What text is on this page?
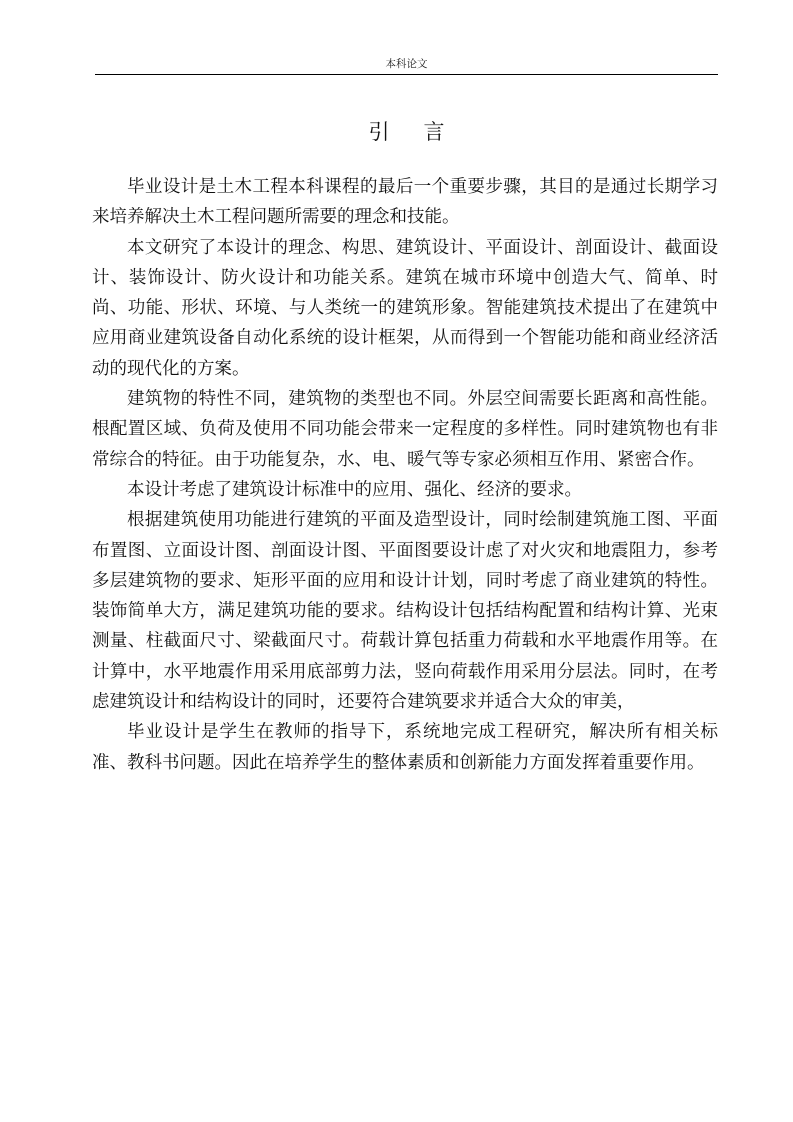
本科论文
引言

毕业设计是土木工程本科课程的最后一个重要步骤，其目的是通过长期学习来培养解决土木工程问题所需要的理念和技能。

本文研究了本设计的理念、构思、建筑设计、平面设计、剖面设计、截面设计、装饰设计、防火设计和功能关系。建筑在城市环境中创造大气、简单、时尚、功能、形状、环境、与人类统一的建筑形象。智能建筑技术提出了在建筑中应用商业建筑设备自动化系统的设计框架，从而得到一个智能功能和商业经济活动的现代化的方案。

建筑物的特性不同，建筑物的类型也不同。外层空间需要长距离和高性能。根配置区域、负荷及使用不同功能会带来一定程度的多样性。同时建筑物也有非常综合的特征。由于功能复杂，水、电、暖气等专家必须相互作用、紧密合作。

本设计考虑了建筑设计标准中的应用、强化、经济的要求。

根据建筑使用功能进行建筑的平面及造型设计，同时绘制建筑施工图、平面布置图、立面设计图、剖面设计图、平面图要设计虑了对火灾和地震阻力，参考多层建筑物的要求、矩形平面的应用和设计计划，同时考虑了商业建筑的特性。装饰简单大方，满足建筑功能的要求。结构设计包括结构配置和结构计算、光束测量、柱截面尺寸、梁截面尺寸。荷载计算包括重力荷载和水平地震作用等。在计算中，水平地震作用采用底部剪力法，竖向荷载作用采用分层法。同时，在考虑建筑设计和结构设计的同时，还要符合建筑要求并适合大众的审美，

毕业设计是学生在教师的指导下，系统地完成工程研究，解决所有相关标准、教科书问题。因此在培养学生的整体素质和创新能力方面发挥着重要作用。
